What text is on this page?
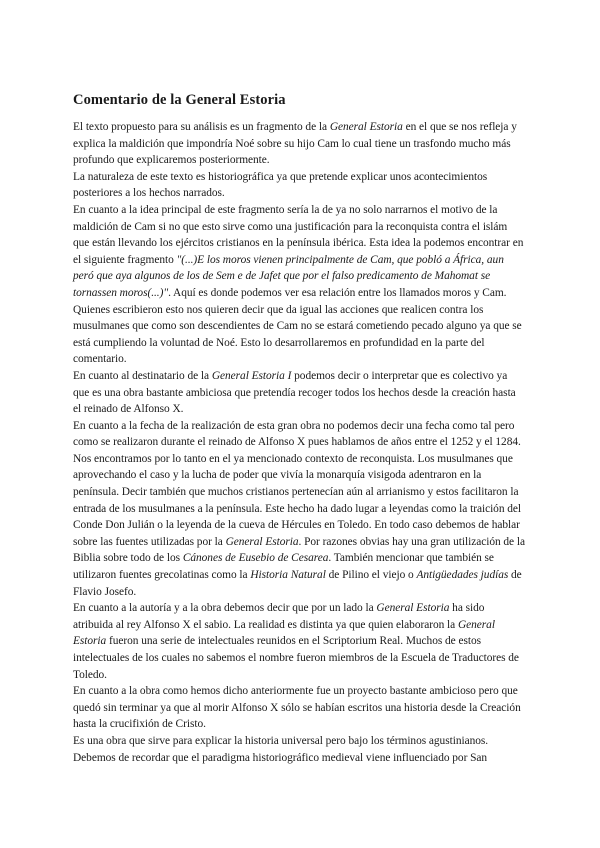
Comentario de la General Estoria

El texto propuesto para su análisis es un fragmento de la General Estoria en el que se nos refleja y explica la maldición que impondría Noé sobre su hijo Cam lo cual tiene un trasfondo mucho más profundo que explicaremos posteriormente.

La naturaleza de este texto es historiográfica ya que pretende explicar unos acontecimientos posteriores a los hechos narrados.

En cuanto a la idea principal de este fragmento sería la de ya no solo narrarnos el motivo de la maldición de Cam si no que esto sirve como una justificación para la reconquista contra el islám que están llevando los ejércitos cristianos en la península ibérica. Esta idea la podemos encontrar en el siguiente fragmento "(...)E los moros vienen principalmente de Cam, que pobló a África, aun peró que aya algunos de los de Sem e de Jafet que por el falso predicamento de Mahomat se tornassen moros(...)". Aquí es donde podemos ver esa relación entre los llamados moros y Cam. Quienes escribieron esto nos quieren decir que da igual las acciones que realicen contra los musulmanes que como son descendientes de Cam no se estará cometiendo pecado alguno ya que se está cumpliendo la voluntad de Noé. Esto lo desarrollaremos en profundidad en la parte del comentario.

En cuanto al destinatario de la General Estoria I podemos decir o interpretar que es colectivo ya que es una obra bastante ambiciosa que pretendía recoger todos los hechos desde la creación hasta el reinado de Alfonso X.

En cuanto a la fecha de la realización de esta gran obra no podemos decir una fecha como tal pero como se realizaron durante el reinado de Alfonso X pues hablamos de años entre el 1252 y el 1284. Nos encontramos por lo tanto en el ya mencionado contexto de reconquista. Los musulmanes que aprovechando el caso y la lucha de poder que vivía la monarquía visigoda adentraron en la península. Decir también que muchos cristianos pertenecían aún al arrianismo y estos facilitaron la entrada de los musulmanes a la península. Este hecho ha dado lugar a leyendas como la traición del Conde Don Julián o la leyenda de la cueva de Hércules en Toledo. En todo caso debemos de hablar sobre las fuentes utilizadas por la General Estoria. Por razones obvias hay una gran utilización de la Biblia sobre todo de los Cánones de Eusebio de Cesarea. También mencionar que también se utilizaron fuentes grecolatinas como la Historia Natural de Pilino el viejo o Antigüedades judías de Flavio Josefo.

En cuanto a la autoría y a la obra debemos decir que por un lado la General Estoria ha sido atribuida al rey Alfonso X el sabio. La realidad es distinta ya que quien elaboraron la General Estoria fueron una serie de intelectuales reunidos en el Scriptorium Real. Muchos de estos intelectuales de los cuales no sabemos el nombre fueron miembros de la Escuela de Traductores de Toledo.

En cuanto a la obra como hemos dicho anteriormente fue un proyecto bastante ambicioso pero que quedó sin terminar ya que al morir Alfonso X sólo se habían escritos una historia desde la Creación hasta la crucifixión de Cristo.

Es una obra que sirve para explicar la historia universal pero bajo los términos agustinianos. Debemos de recordar que el paradigma historiográfico medieval viene influenciado por San
